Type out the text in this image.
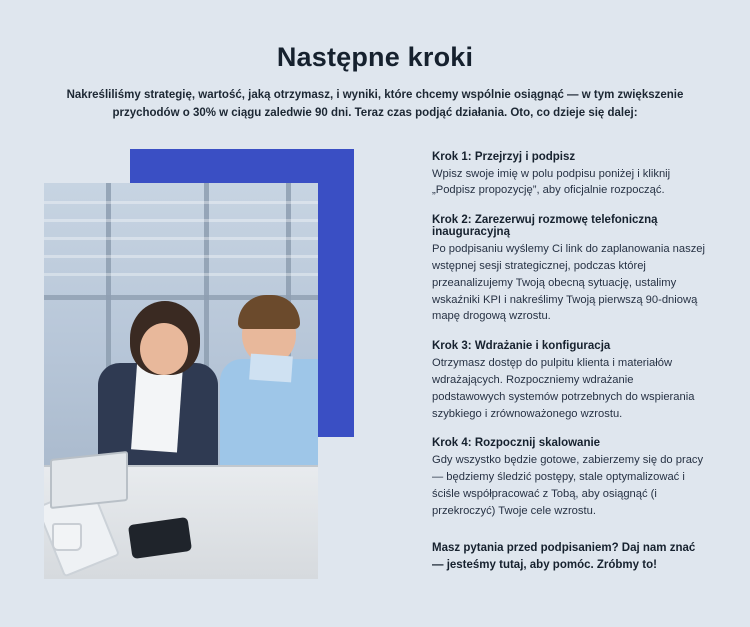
Następne kroki

Nakreśliliśmy strategię, wartość, jaką otrzymasz, i wyniki, które chcemy wspólnie osiągnąć — w tym zwiększenie przychodów o 30% w ciągu zaledwie 90 dni. Teraz czas podjąć działania. Oto, co dzieje się dalej:

Krok 1: Przejrzyj i podpisz
Wpisz swoje imię w polu podpisu poniżej i kliknij „Podpisz propozycję”, aby oficjalnie rozpocząć.
Krok 2: Zarezerwuj rozmowę telefoniczną inauguracyjną
Po podpisaniu wyślemy Ci link do zaplanowania naszej wstępnej sesji strategicznej, podczas której przeanalizujemy Twoją obecną sytuację, ustalimy wskaźniki KPI i nakreślimy Twoją pierwszą 90-dniową mapę drogową wzrostu.
Krok 3: Wdrażanie i konfiguracja
Otrzymasz dostęp do pulpitu klienta i materiałów wdrażających. Rozpoczniemy wdrażanie podstawowych systemów potrzebnych do wspierania szybkiego i zrównoważonego wzrostu.
Krok 4: Rozpocznij skalowanie
Gdy wszystko będzie gotowe, zabierzemy się do pracy — będziemy śledzić postępy, stale optymalizować i ściśle współpracować z Tobą, aby osiągnąć (i przekroczyć) Twoje cele wzrostu.
Masz pytania przed podpisaniem? Daj nam znać — jesteśmy tutaj, aby pomóc. Zróbmy to!
